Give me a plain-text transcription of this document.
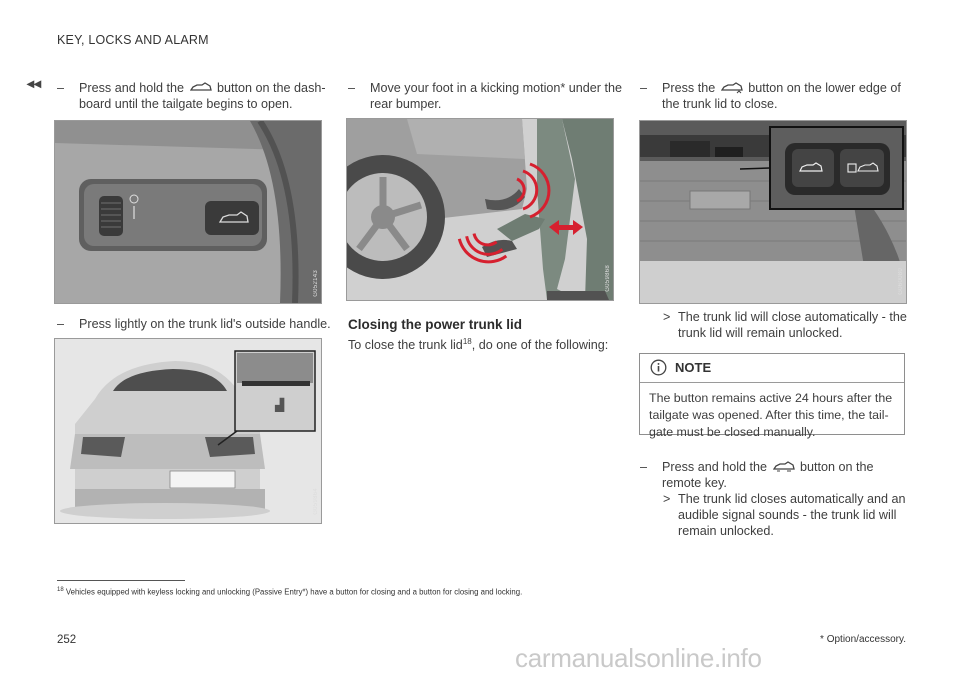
KEY, LOCKS AND ALARM
◂◂ – Press and hold the	button on the dash-
board until the tailgate begins to open.
G052143
– Press lightly on the trunk lid's outside handle.
▟
G059864
– Move your foot in a kicking motion* under the
rear bumper.
G059868
Closing the power trunk lid
To close the trunk lid$^{18}$, do one of the following:
– Press the	button on the lower edge of
the trunk lid to close.
G060080
> The trunk lid will close automatically - the
trunk lid will remain unlocked.
NOTE
The button remains active 24 hours after the
tailgate was opened. After this time, the tail-
gate must be closed manually.
– Press and hold the	button on the
remote key.
> The trunk lid closes automatically and an
audible signal sounds - the trunk lid will
remain unlocked.
$^{18}$ Vehicles equipped with keyless locking and unlocking (Passive Entry*) have a button for closing and a button for closing and locking.
252	* Option/accessory.
carmanualsonline.info
